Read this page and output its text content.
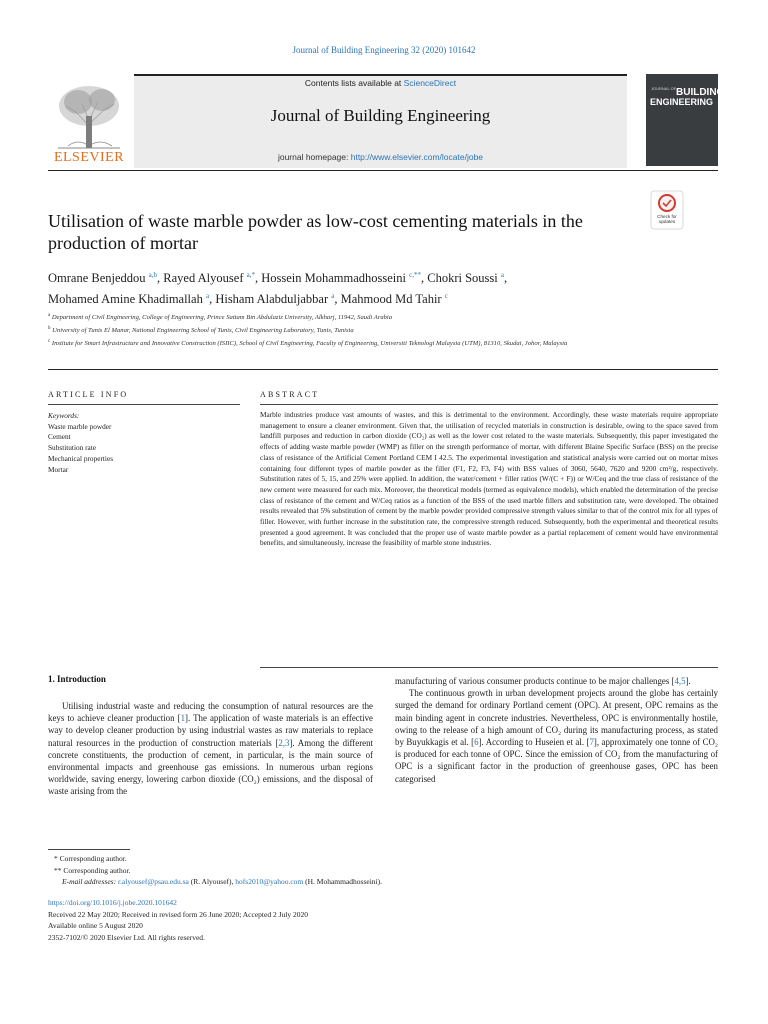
Journal of Building Engineering 32 (2020) 101642
Contents lists available at ScienceDirect
Journal of Building Engineering
journal homepage: http://www.elsevier.com/locate/jobe
ELSEVIER
JOURNAL OF BUILDING
ENGINEERING
Utilisation of waste marble powder as low-cost cementing materials in the production of mortar
Check for
updates
Omrane Benjeddou $^{a,b}$, Rayed Alyousef $^{a,*}$, Hossein Mohammadhosseini $^{c,**}$, Chokri Soussi $^a$,
Mohamed Amine Khadimallah $^a$, Hisham Alabduljabbar $^a$, Mahmood Md Tahir $^c$
$^a$ Department of Civil Engineering, College of Engineering, Prince Sattam Bin Abdulaziz University, Alkharj, 11942, Saudi Arabia
$^b$ University of Tunis El Manar, National Engineering School of Tunis, Civil Engineering Laboratory, Tunis, Tunisia
$^c$ Institute for Smart Infrastructure and Innovative Construction (ISIIC), School of Civil Engineering, Faculty of Engineering, Universiti Teknologi Malaysia (UTM), 81310, Skudai, Johor, Malaysia
ARTICLE INFO
Keywords:
Waste marble powder
Cement
Substitution rate
Mechanical properties
Mortar
ABSTRACT
Marble industries produce vast amounts of wastes, and this is detrimental to the environment. Accordingly, these waste materials require appropriate management to ensure a cleaner environment. Given that, the utilisation of recycled materials in construction is desirable, owing to the space saved from landfill purposes and reduction in carbon dioxide (CO₂) as well as the lower cost related to the waste materials. Subsequently, this paper investigated the effects of adding waste marble powder (WMP) as filler on the strength performance of mortar, with different Blaine Specific Surface (BSS) on the precise class of resistance of the Artificial Cement Portland CEM I 42.5. The experimental investigation and statistical analysis were carried out on mortar mixes containing four different types of marble powder as the filler (F1, F2, F3, F4) with BSS values of 3060, 5640, 7620 and 9200 cm²/g, respectively. Substitution rates of 5, 15, and 25% were applied. In addition, the water/cement + filler ratios (W/(C + F)) or W/Ceq and the true class of resistance of the new cement were measured for each mix. Moreover, the theoretical models (termed as equivalence models), which enabled the determination of the precise class of resistance of the cement and W/Ceq ratios as a function of the BSS of the used marble fillers and substitution rate, were developed. The obtained results revealed that 5% substitution of cement by the marble powder provided compressive strength values similar to that of the control mix for all types of filler. However, with further increase in the substitution rate, the compressive strength reduced. Subsequently, both the experimental and theoretical results presented a good agreement. It was concluded that the proper use of waste marble powder as a partial replacement of cement would have environmental benefits, and simultaneously, increase the feasibility of marble stone industries.
1. Introduction
Utilising industrial waste and reducing the consumption of natural resources are the keys to achieve cleaner production [1]. The application of waste materials is an effective way to develop cleaner production by using industrial wastes as raw materials to replace natural resources in the production of construction materials [2,3]. Among the different concrete constituents, the production of cement, in particular, is the main source of environmental impacts and greenhouse gas emissions. In numerous urban regions worldwide, saving energy, lowering carbon dioxide (CO₂) emissions, and the disposal of waste arising from the
manufacturing of various consumer products continue to be major challenges [4,5].
The continuous growth in urban development projects around the globe has certainly surged the demand for ordinary Portland cement (OPC). At present, OPC remains as the main binding agent in concrete industries. Nevertheless, OPC is environmentally hostile, owing to the release of a high amount of CO₂ during its manufacturing process, as stated by Buyukkagis et al. [6]. According to Huseien et al. [7], approximately one tonne of CO₂ is produced for each tonne of OPC. Since the emission of CO₂ from the manufacturing of OPC is a significant factor in the production of greenhouse gases, OPC has been categorised
* Corresponding author.
** Corresponding author.
E-mail addresses: r.alyousef@psau.edu.sa (R. Alyousef), hofs2010@yahoo.com (H. Mohammadhosseini).
https://doi.org/10.1016/j.jobe.2020.101642
Received 22 May 2020; Received in revised form 26 June 2020; Accepted 2 July 2020
Available online 5 August 2020
2352-7102/© 2020 Elsevier Ltd. All rights reserved.
